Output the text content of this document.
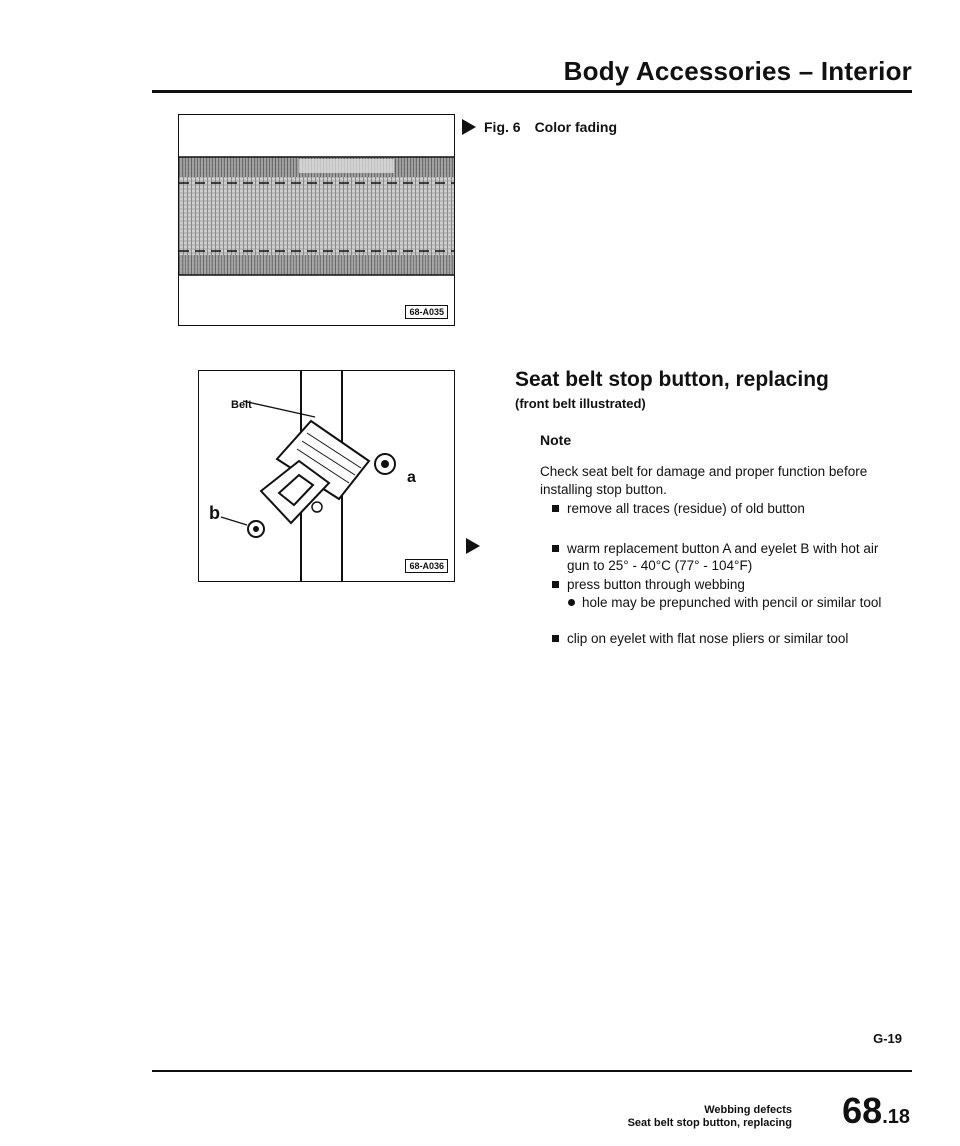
Body Accessories – Interior
68-A035
Fig. 6 Color fading
Belt
a
b
68-A036
Seat belt stop button, replacing
(front belt illustrated)
Note
Check seat belt for damage and proper function before installing stop button.
remove all traces (residue) of old button
warm replacement button A and eyelet B with hot air gun to 25° - 40°C (77° - 104°F)
press button through webbing
hole may be prepunched with pencil or similar tool
clip on eyelet with flat nose pliers or similar tool
G-19
Webbing defects
Seat belt stop button, replacing 68.18
